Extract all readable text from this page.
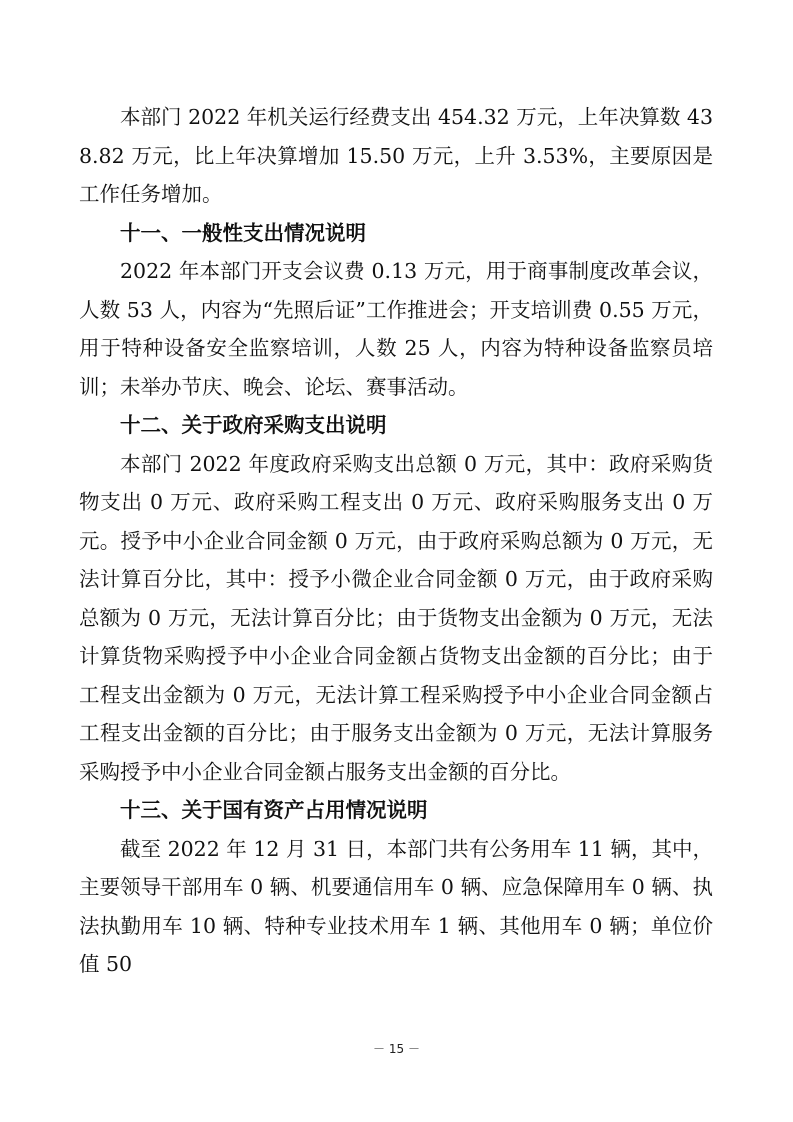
本部门 2022 年机关运行经费支出 454.32 万元，上年决算数 438.82 万元，比上年决算增加 15.50 万元，上升 3.53%，主要原因是工作任务增加。

十一、一般性支出情况说明

2022 年本部门开支会议费 0.13 万元，用于商事制度改革会议，人数 53 人，内容为“先照后证”工作推进会；开支培训费 0.55 万元，用于特种设备安全监察培训，人数 25 人，内容为特种设备监察员培训；未举办节庆、晚会、论坛、赛事活动。

十二、关于政府采购支出说明

本部门 2022 年度政府采购支出总额 0 万元，其中：政府采购货物支出 0 万元、政府采购工程支出 0 万元、政府采购服务支出 0 万元。授予中小企业合同金额 0 万元，由于政府采购总额为 0 万元，无法计算百分比，其中：授予小微企业合同金额 0 万元，由于政府采购总额为 0 万元，无法计算百分比；由于货物支出金额为 0 万元，无法计算货物采购授予中小企业合同金额占货物支出金额的百分比；由于工程支出金额为 0 万元，无法计算工程采购授予中小企业合同金额占工程支出金额的百分比；由于服务支出金额为 0 万元，无法计算服务采购授予中小企业合同金额占服务支出金额的百分比。

十三、关于国有资产占用情况说明

截至 2022 年 12 月 31 日，本部门共有公务用车 11 辆，其中，主要领导干部用车 0 辆、机要通信用车 0 辆、应急保障用车 0 辆、执法执勤用车 10 辆、特种专业技术用车 1 辆、其他用车 0 辆；单位价值 50

－ 15 －
